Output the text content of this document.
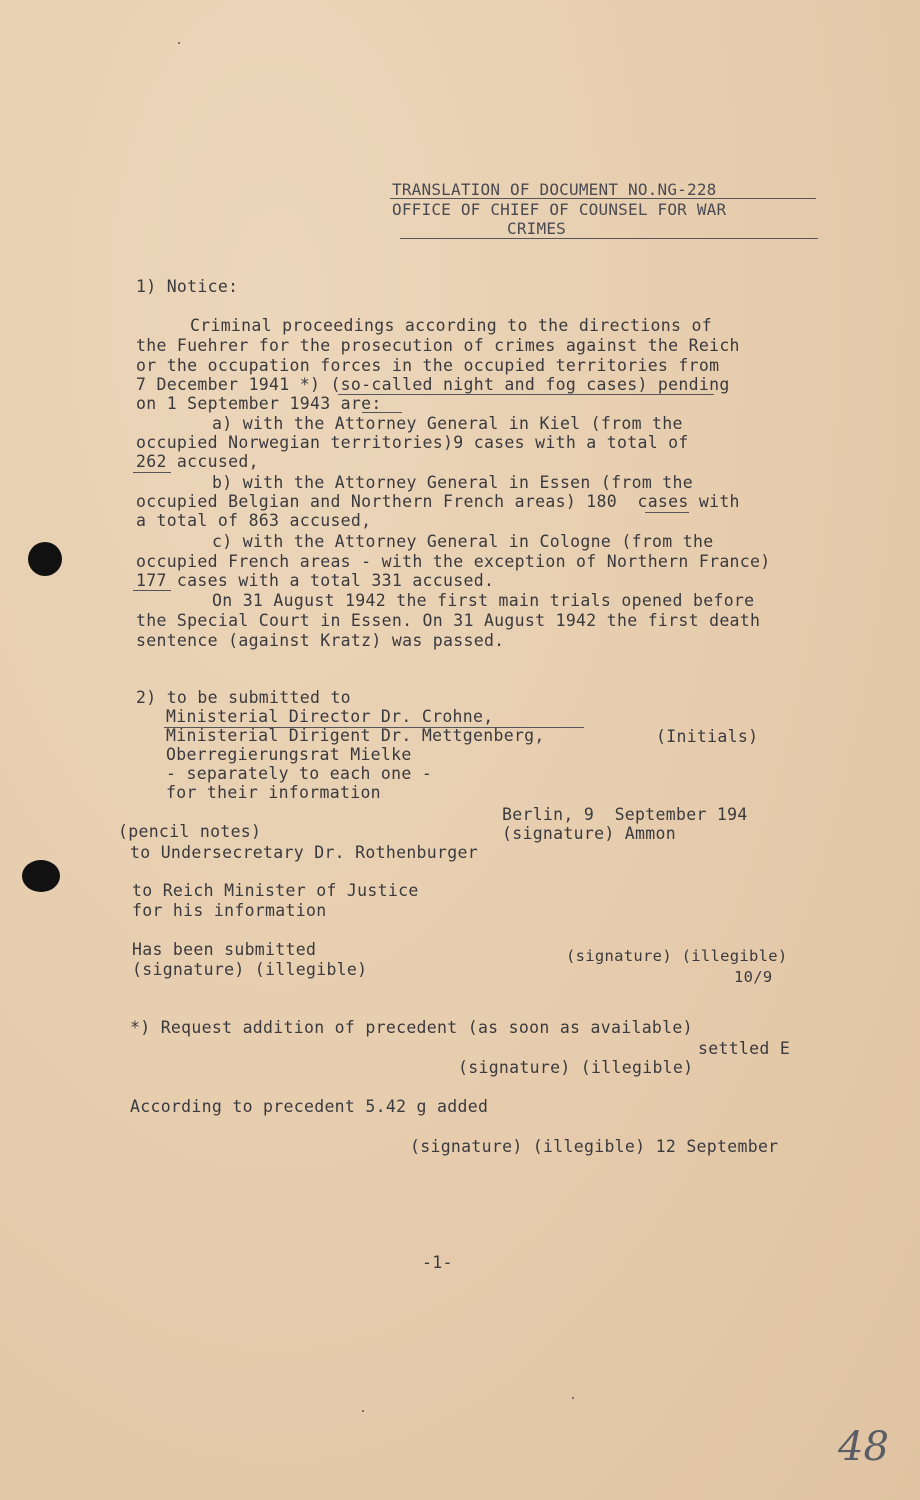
TRANSLATION OF DOCUMENT NO.NG-228
OFFICE OF CHIEF OF COUNSEL FOR WAR
CRIMES
1) Notice:
Criminal proceedings according to the directions of
the Fuehrer for the prosecution of crimes against the Reich
or the occupation forces in the occupied territories from
7 December 1941 *) (so-called night and fog cases) pending
on 1 September 1943 are:
a) with the Attorney General in Kiel (from the
occupied Norwegian territories)9 cases with a total of
262 accused,
b) with the Attorney General in Essen (from the
occupied Belgian and Northern French areas) 180  cases with
a total of 863 accused,
c) with the Attorney General in Cologne (from the
occupied French areas - with the exception of Northern France)
177 cases with a total 331 accused.
On 31 August 1942 the first main trials opened before
the Special Court in Essen. On 31 August 1942 the first death
sentence (against Kratz) was passed.
2) to be submitted to
Ministerial Director Dr. Crohne,
Ministerial Dirigent Dr. Mettgenberg,	(Initials)
Oberregierungsrat Mielke
- separately to each one -
for their information
Berlin, 9  September 194
(pencil notes)	(signature) Ammon
to Undersecretary Dr. Rothenburger
to Reich Minister of Justice
for his information
Has been submitted
(signature) (illegible)
(signature) (illegible)
10/9
*) Request addition of precedent (as soon as available)
settled E
(signature) (illegible)
According to precedent 5.42 g added
(signature) (illegible) 12 September
-1-
48
